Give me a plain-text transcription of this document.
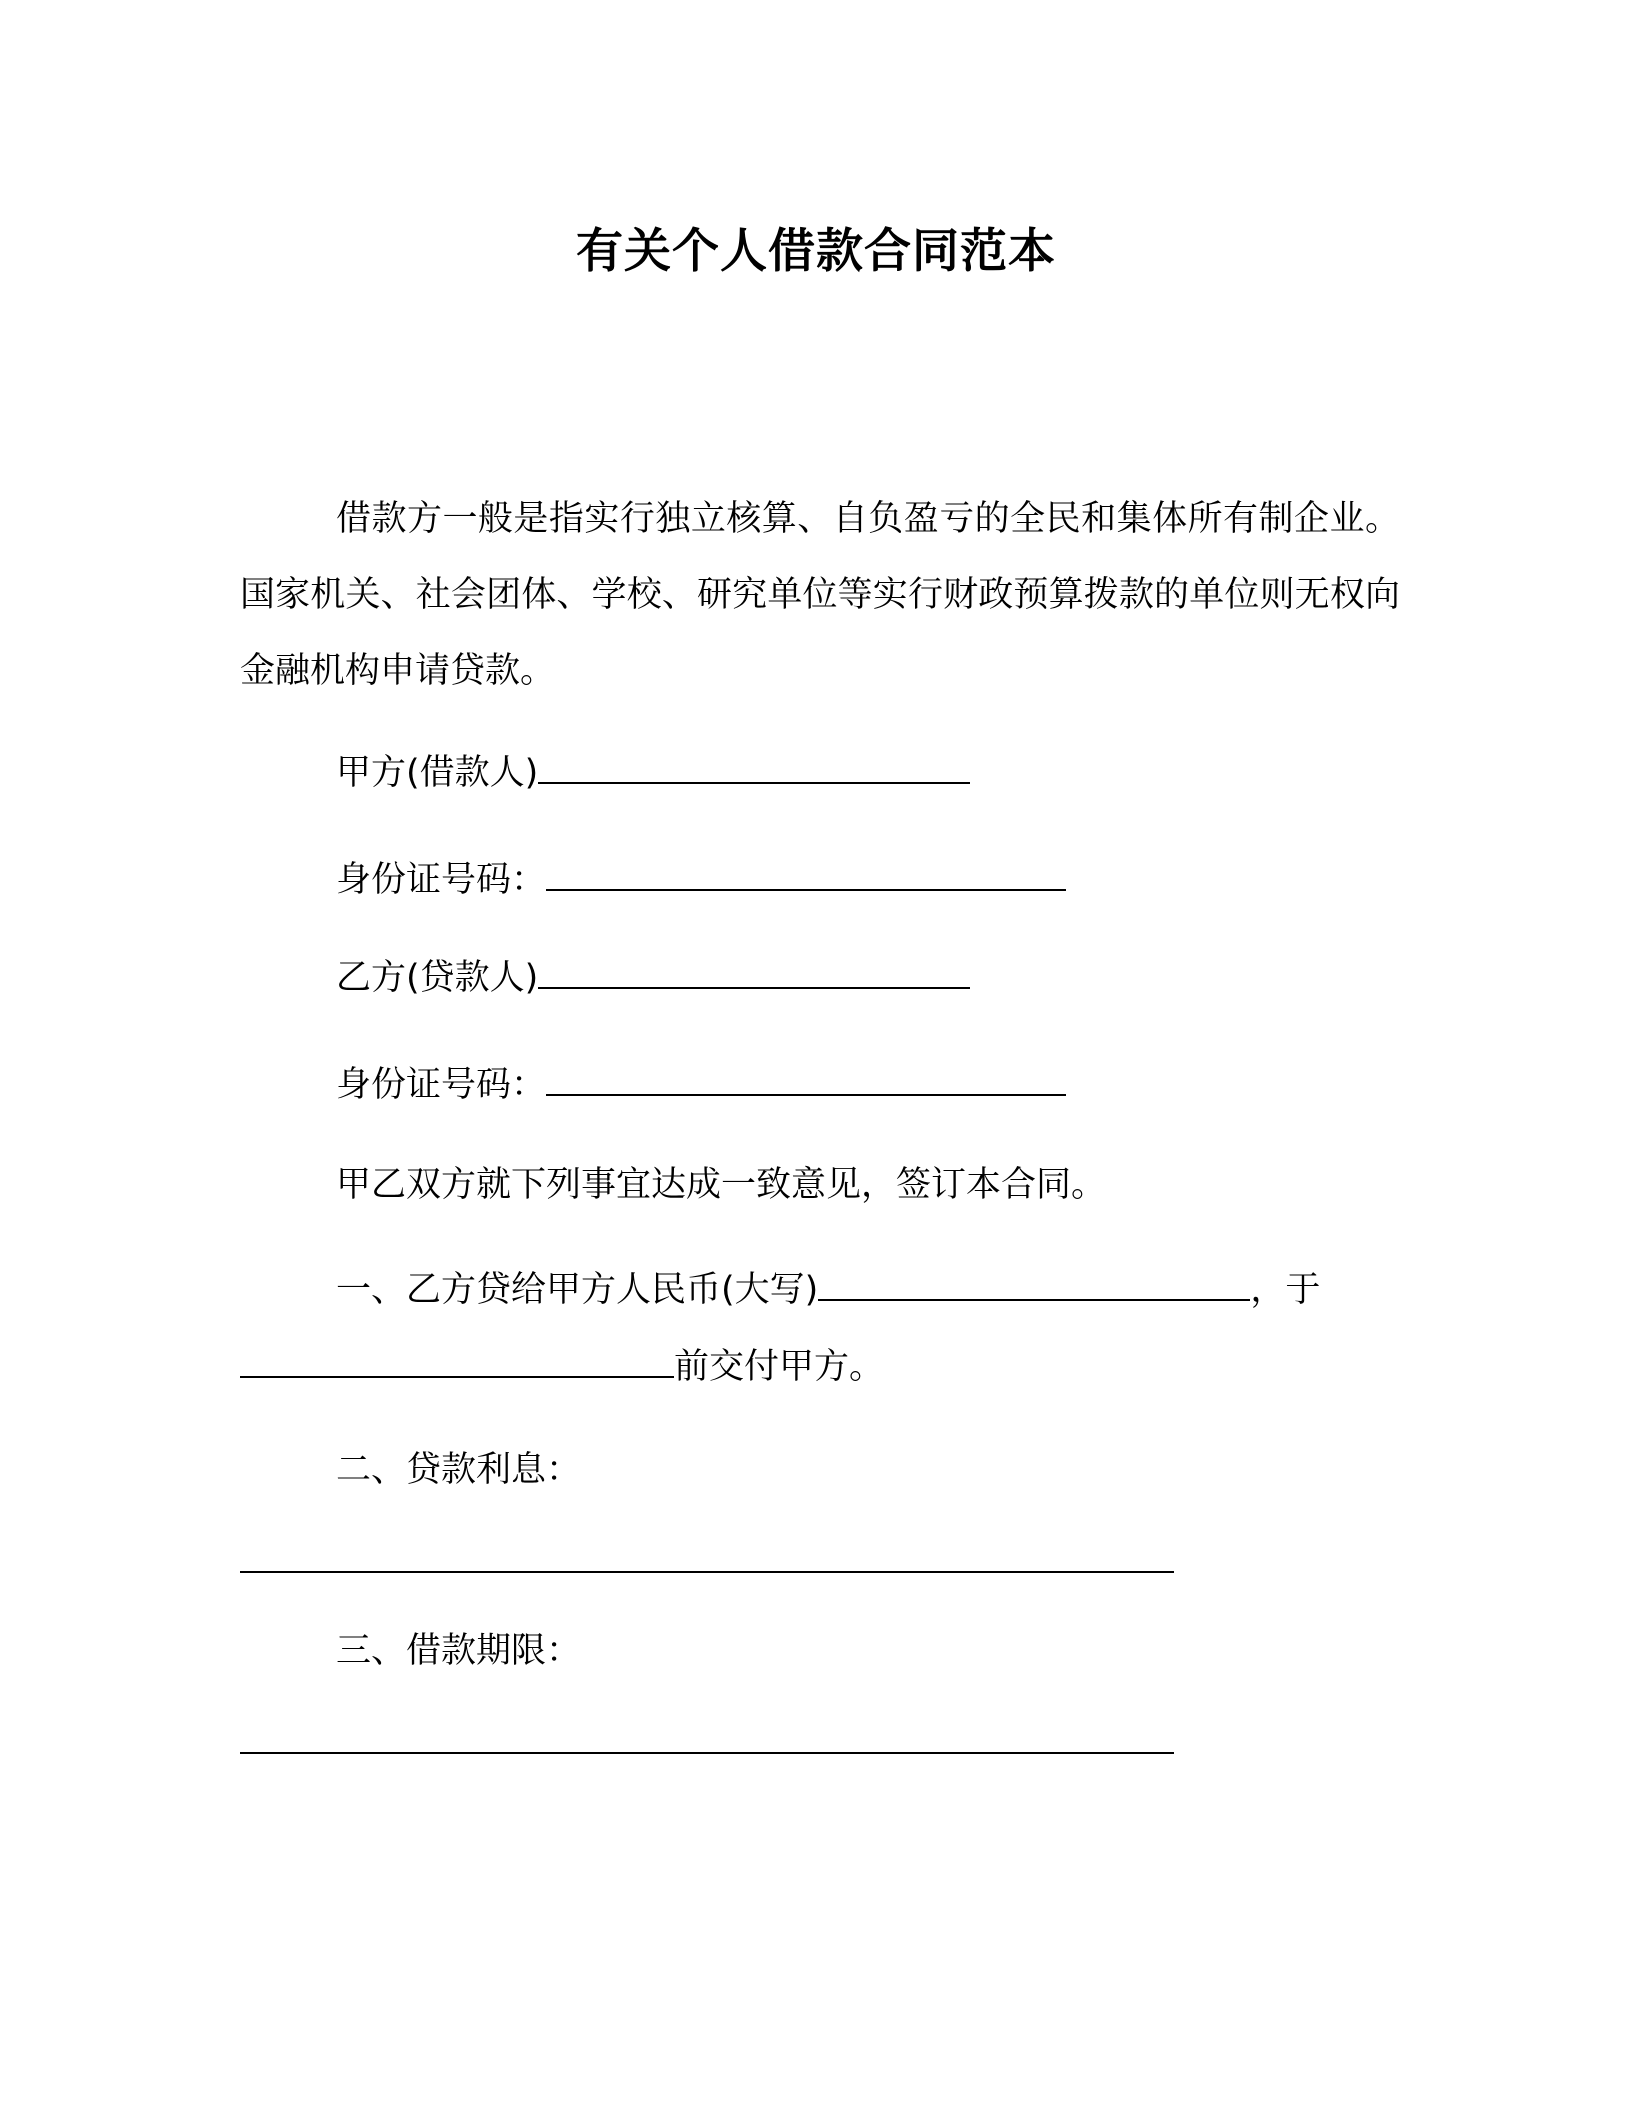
有关个人借款合同范本
借款方一般是指实行独立核算、自负盈亏的全民和集体所有制企业。国家机关、社会团体、学校、研究单位等实行财政预算拨款的单位则无权向金融机构申请贷款。
甲方(借款人)
身份证号码：
乙方(贷款人)
身份证号码：
甲乙双方就下列事宜达成一致意见，签订本合同。
一、乙方贷给甲方人民币(大写)	，于
前交付甲方。
二、贷款利息：
三、借款期限：
